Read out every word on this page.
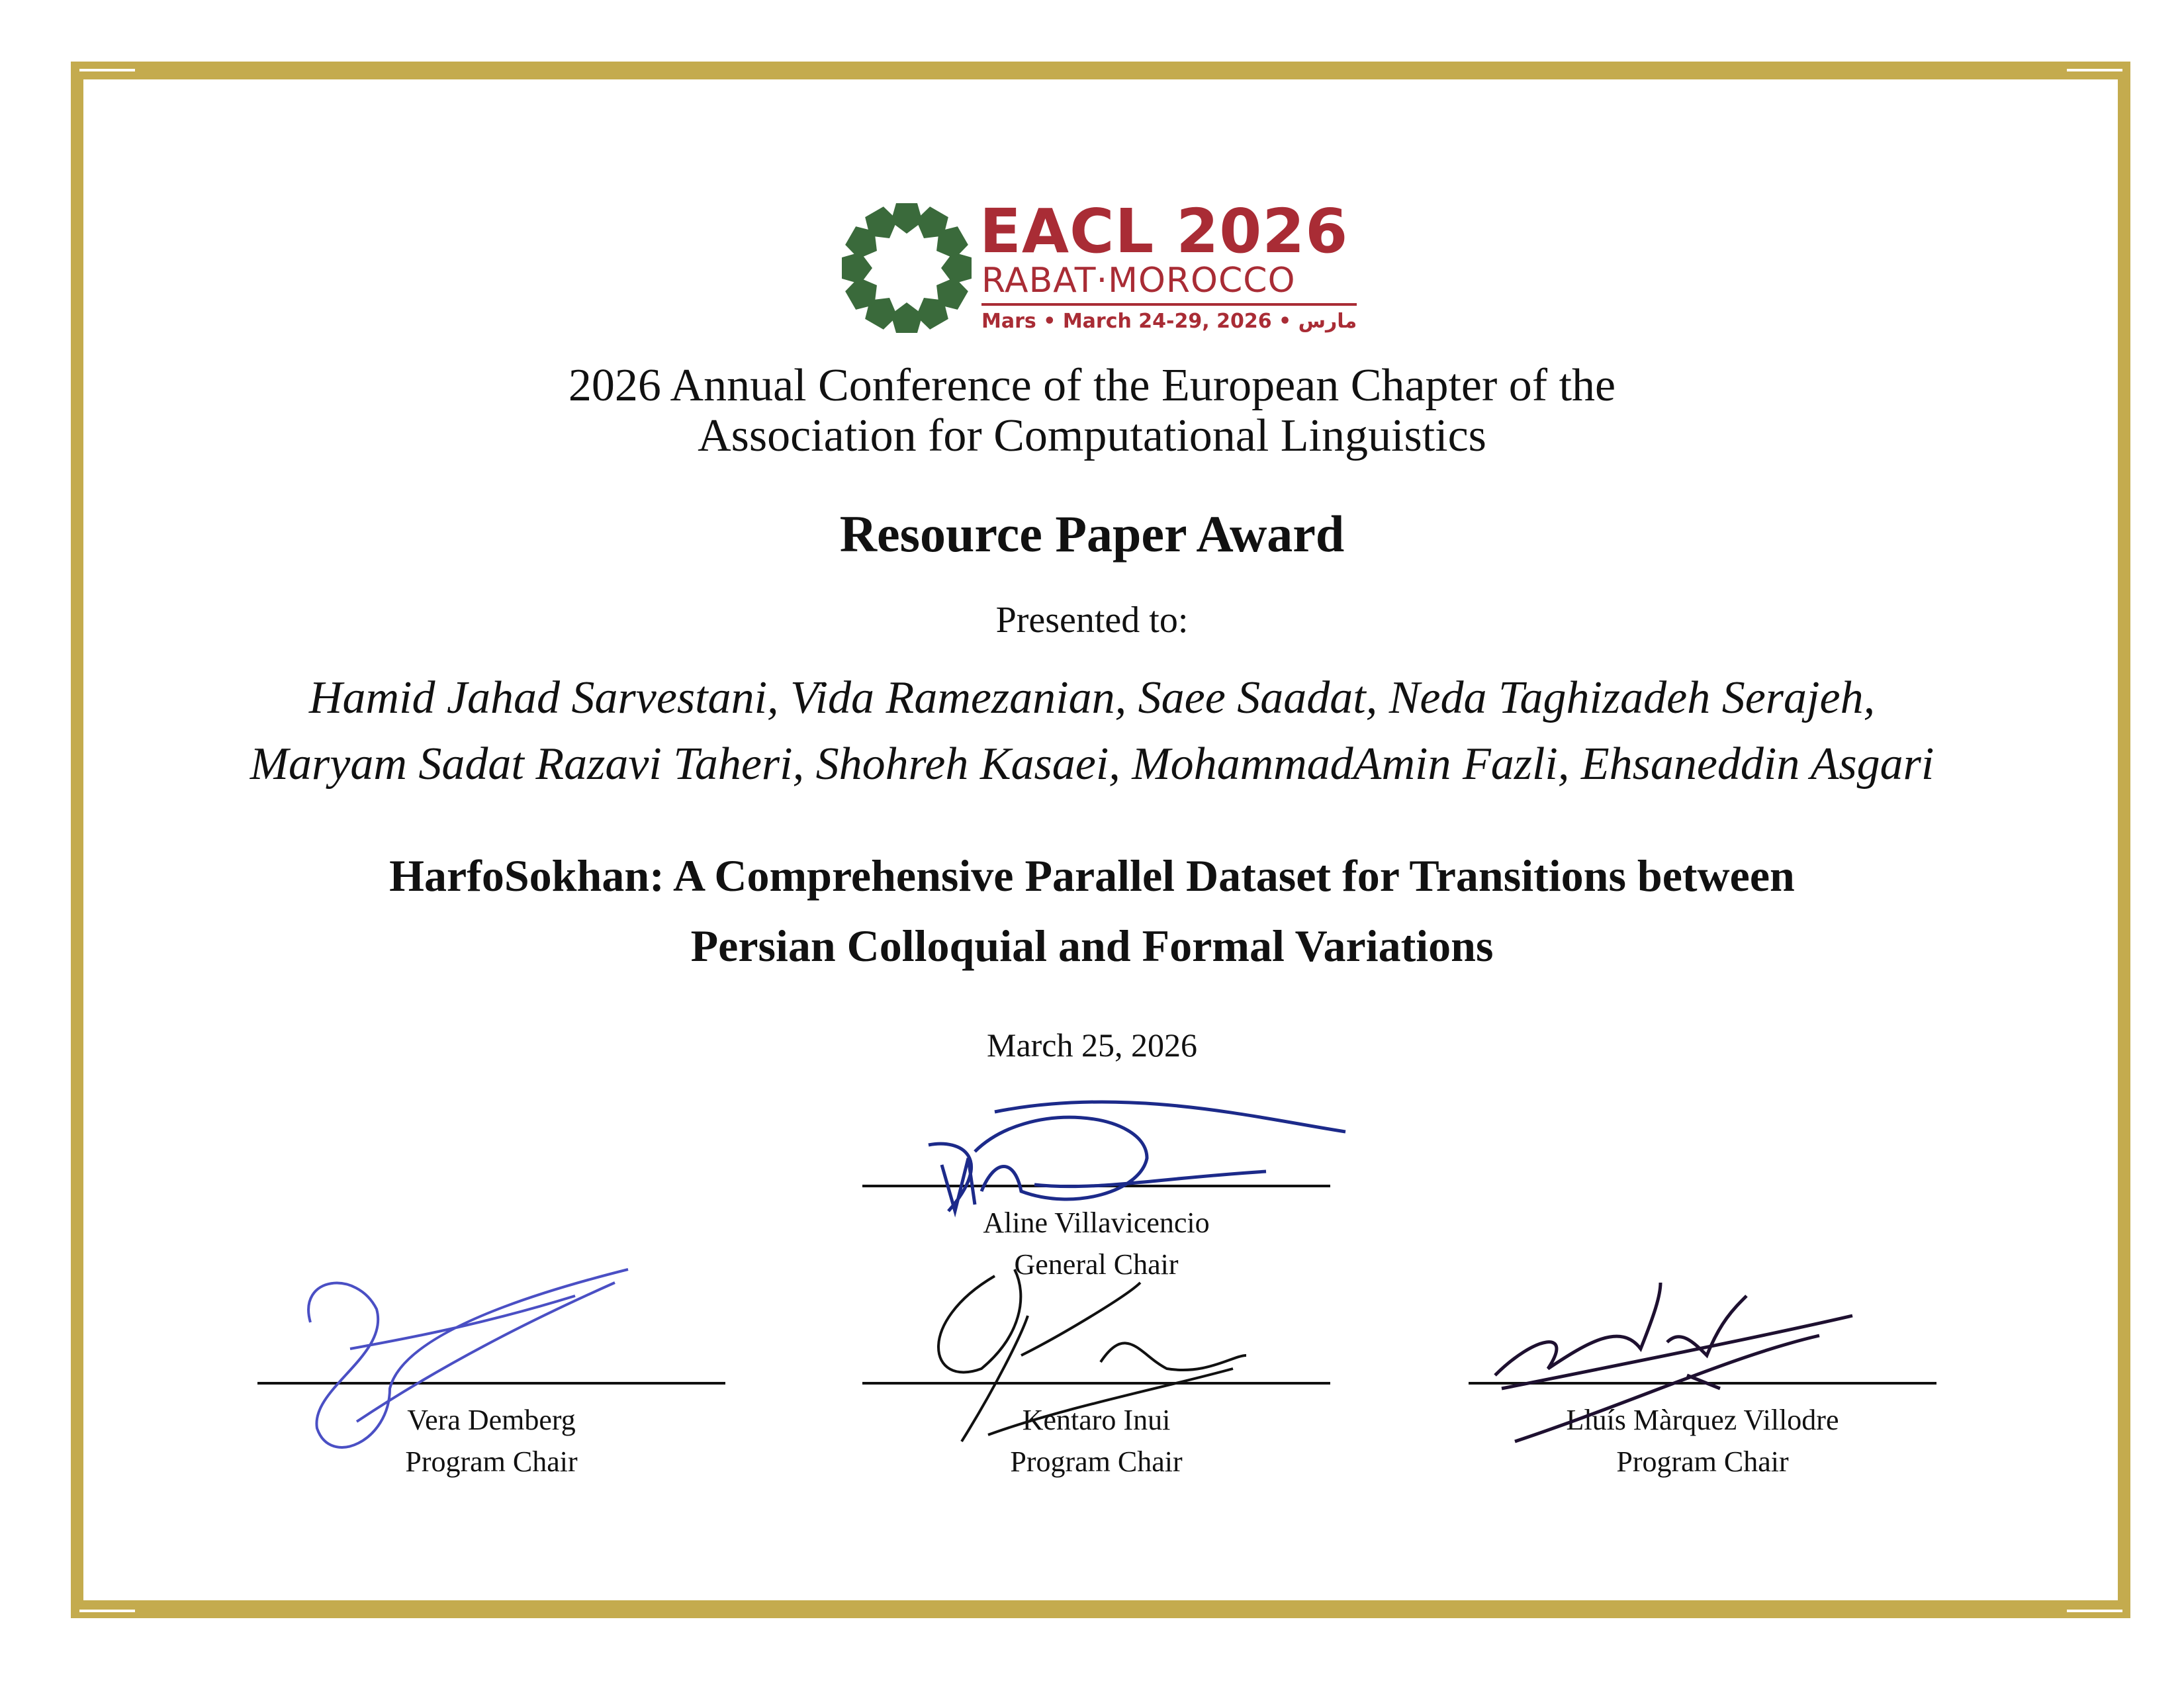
EACL 2026
RABAT·MOROCCO
Mars • March 24-29, 2026 • مارس
2026 Annual Conference of the European Chapter of the
Association for Computational Linguistics
Resource Paper Award
Presented to:
Hamid Jahad Sarvestani, Vida Ramezanian, Saee Saadat, Neda Taghizadeh Serajeh,
Maryam Sadat Razavi Taheri, Shohreh Kasaei, MohammadAmin Fazli, Ehsaneddin Asgari
HarfoSokhan: A Comprehensive Parallel Dataset for Transitions between
Persian Colloquial and Formal Variations
March 25, 2026
Aline Villavicencio
General Chair
Vera Demberg
Program Chair
Kentaro Inui
Program Chair
Lluís Màrquez Villodre
Program Chair
